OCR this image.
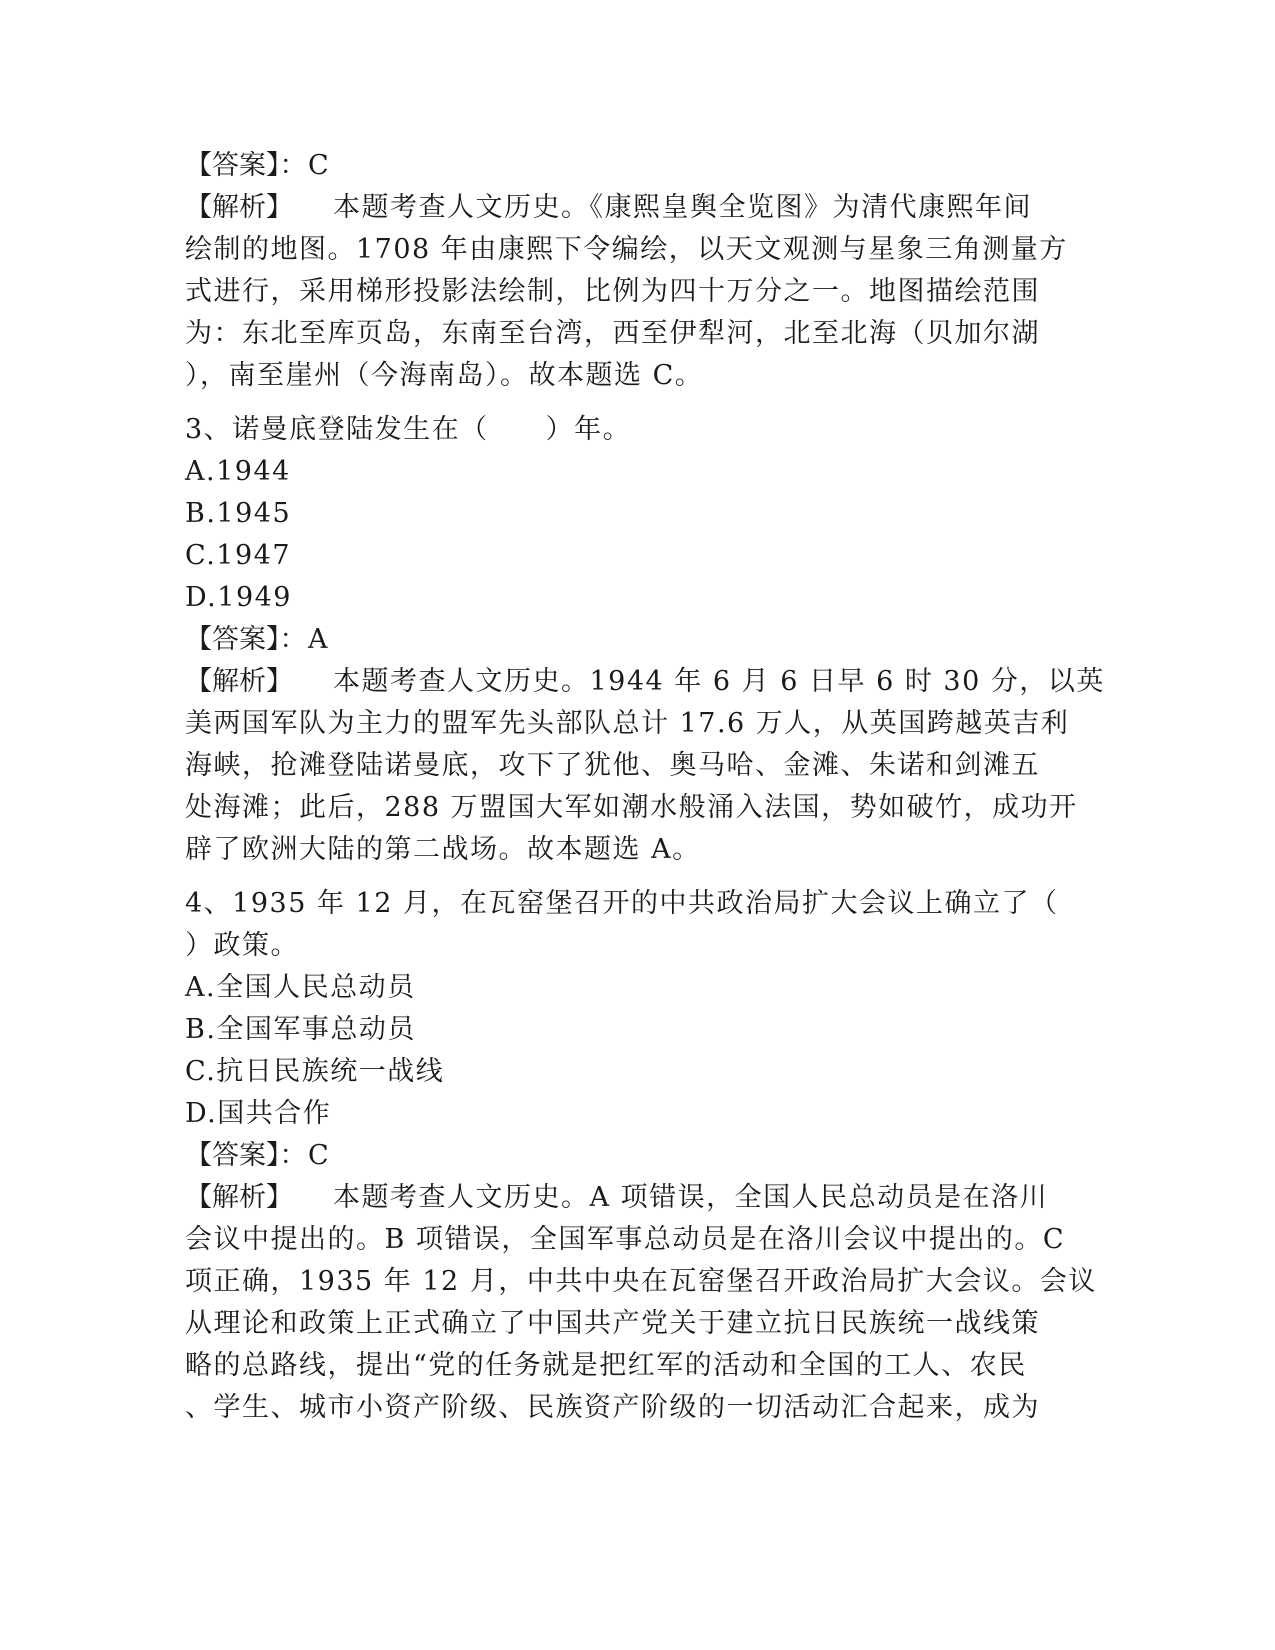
【答案】：C
【解析】 本题考查人文历史。《康熙皇舆全览图》为清代康熙年间
绘制的地图。1708 年由康熙下令编绘，以天文观测与星象三角测量方
式进行，采用梯形投影法绘制，比例为四十万分之一。地图描绘范围
为：东北至库页岛，东南至台湾，西至伊犁河，北至北海（贝加尔湖
），南至崖州（今海南岛）。故本题选 C。
3、诺曼底登陆发生在（　　）年。
A.1944
B.1945
C.1947
D.1949
【答案】：A
【解析】 本题考查人文历史。1944 年 6 月 6 日早 6 时 30 分，以英
美两国军队为主力的盟军先头部队总计 17.6 万人，从英国跨越英吉利
海峡，抢滩登陆诺曼底，攻下了犹他、奥马哈、金滩、朱诺和剑滩五
处海滩；此后，288 万盟国大军如潮水般涌入法国，势如破竹，成功开
辟了欧洲大陆的第二战场。故本题选 A。
4、1935 年 12 月，在瓦窑堡召开的中共政治局扩大会议上确立了（
）政策。
A.全国人民总动员
B.全国军事总动员
C.抗日民族统一战线
D.国共合作
【答案】：C
【解析】 本题考查人文历史。A 项错误，全国人民总动员是在洛川
会议中提出的。B 项错误，全国军事总动员是在洛川会议中提出的。C
项正确，1935 年 12 月，中共中央在瓦窑堡召开政治局扩大会议。会议
从理论和政策上正式确立了中国共产党关于建立抗日民族统一战线策
略的总路线，提出“党的任务就是把红军的活动和全国的工人、农民
、学生、城市小资产阶级、民族资产阶级的一切活动汇合起来，成为
